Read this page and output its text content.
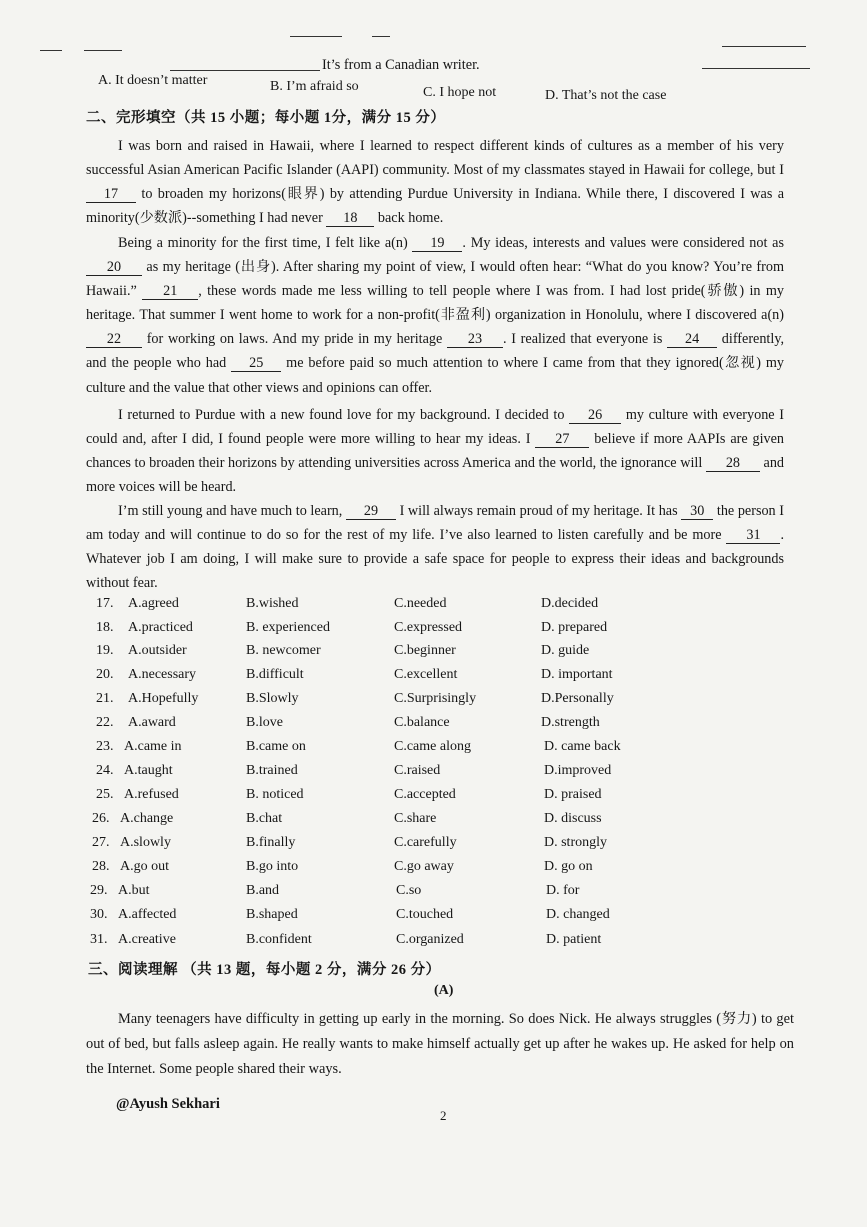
It’s from a Canadian writer.
A. It doesn’t matter	B. I’m afraid so	C. I hope not	D. That’s not the case
二、完形填空（共 15 小题；每小题 1分，满分 15 分）
I was born and raised in Hawaii, where I learned to respect different kinds of cultures as a member of his very successful Asian American Pacific Islander (AAPI) community. Most of my classmates stayed in Hawaii for college, but I 17 to broaden my horizons(眼界) by attending Purdue University in Indiana. While there, I discovered I was a minority(少数派)--something I had never 18 back home.
Being a minority for the first time, I felt like a(n) 19 . My ideas, interests and values were considered not as 20 as my heritage (出身). After sharing my point of view, I would often hear: “What do you know? You’re from Hawaii.” 21 , these words made me less willing to tell people where I was from. I had lost pride(骄傲) in my heritage. That summer I went home to work for a non-profit(非盈利) organization in Honolulu, where I discovered a(n) 22 for working on laws. And my pride in my heritage 23 . I realized that everyone is 24 differently, and the people who had 25 me before paid so much attention to where I came from that they ignored(忽视) my culture and the value that other views and opinions can offer.
I returned to Purdue with a new found love for my background. I decided to 26 my culture with everyone I could and, after I did, I found people were more willing to hear my ideas. I 27 believe if more AAPIs are given chances to broaden their horizons by attending universities across America and the world, the ignorance will 28 and more voices will be heard.
I’m still young and have much to learn, 29 I will always remain proud of my heritage. It has 30 the person I am today and will continue to do so for the rest of my life. I’ve also learned to listen carefully and be more 31 . Whatever job I am doing, I will make sure to provide a safe space for people to express their ideas and backgrounds without fear.
17. A.agreed	B.wished	C.needed	D.decided
18. A.practiced	B. experienced	C.expressed	D. prepared
19. A.outsider	B. newcomer	C.beginner	D. guide
20. A.necessary	B.difficult	C.excellent	D. important
21. A.Hopefully	B.Slowly	C.Surprisingly	D.Personally
22. A.award	B.love	C.balance	D.strength
23. A.came in	B.came on	C.came along	D. came back
24. A.taught	B.trained	C.raised	D.improved
25. A.refused	B. noticed	C.accepted	D. praised
26. A.change	B.chat	C.share	D. discuss
27. A.slowly	B.finally	C.carefully	D. strongly
28. A.go out	B.go into	C.go away	D. go on
29. A.but	B.and	C.so	D. for
30. A.affected	B.shaped	C.touched	D. changed
31. A.creative	B.confident	C.organized	D. patient
三、阅读理解 （共 13 题，每小题 2 分，满分 26 分）
(A)
Many teenagers have difficulty in getting up early in the morning. So does Nick. He always struggles (努力) to get out of bed, but falls asleep again. He really wants to make himself actually get up after he wakes up. He asked for help on the Internet. Some people shared their ways.
@Ayush Sekhari
2
